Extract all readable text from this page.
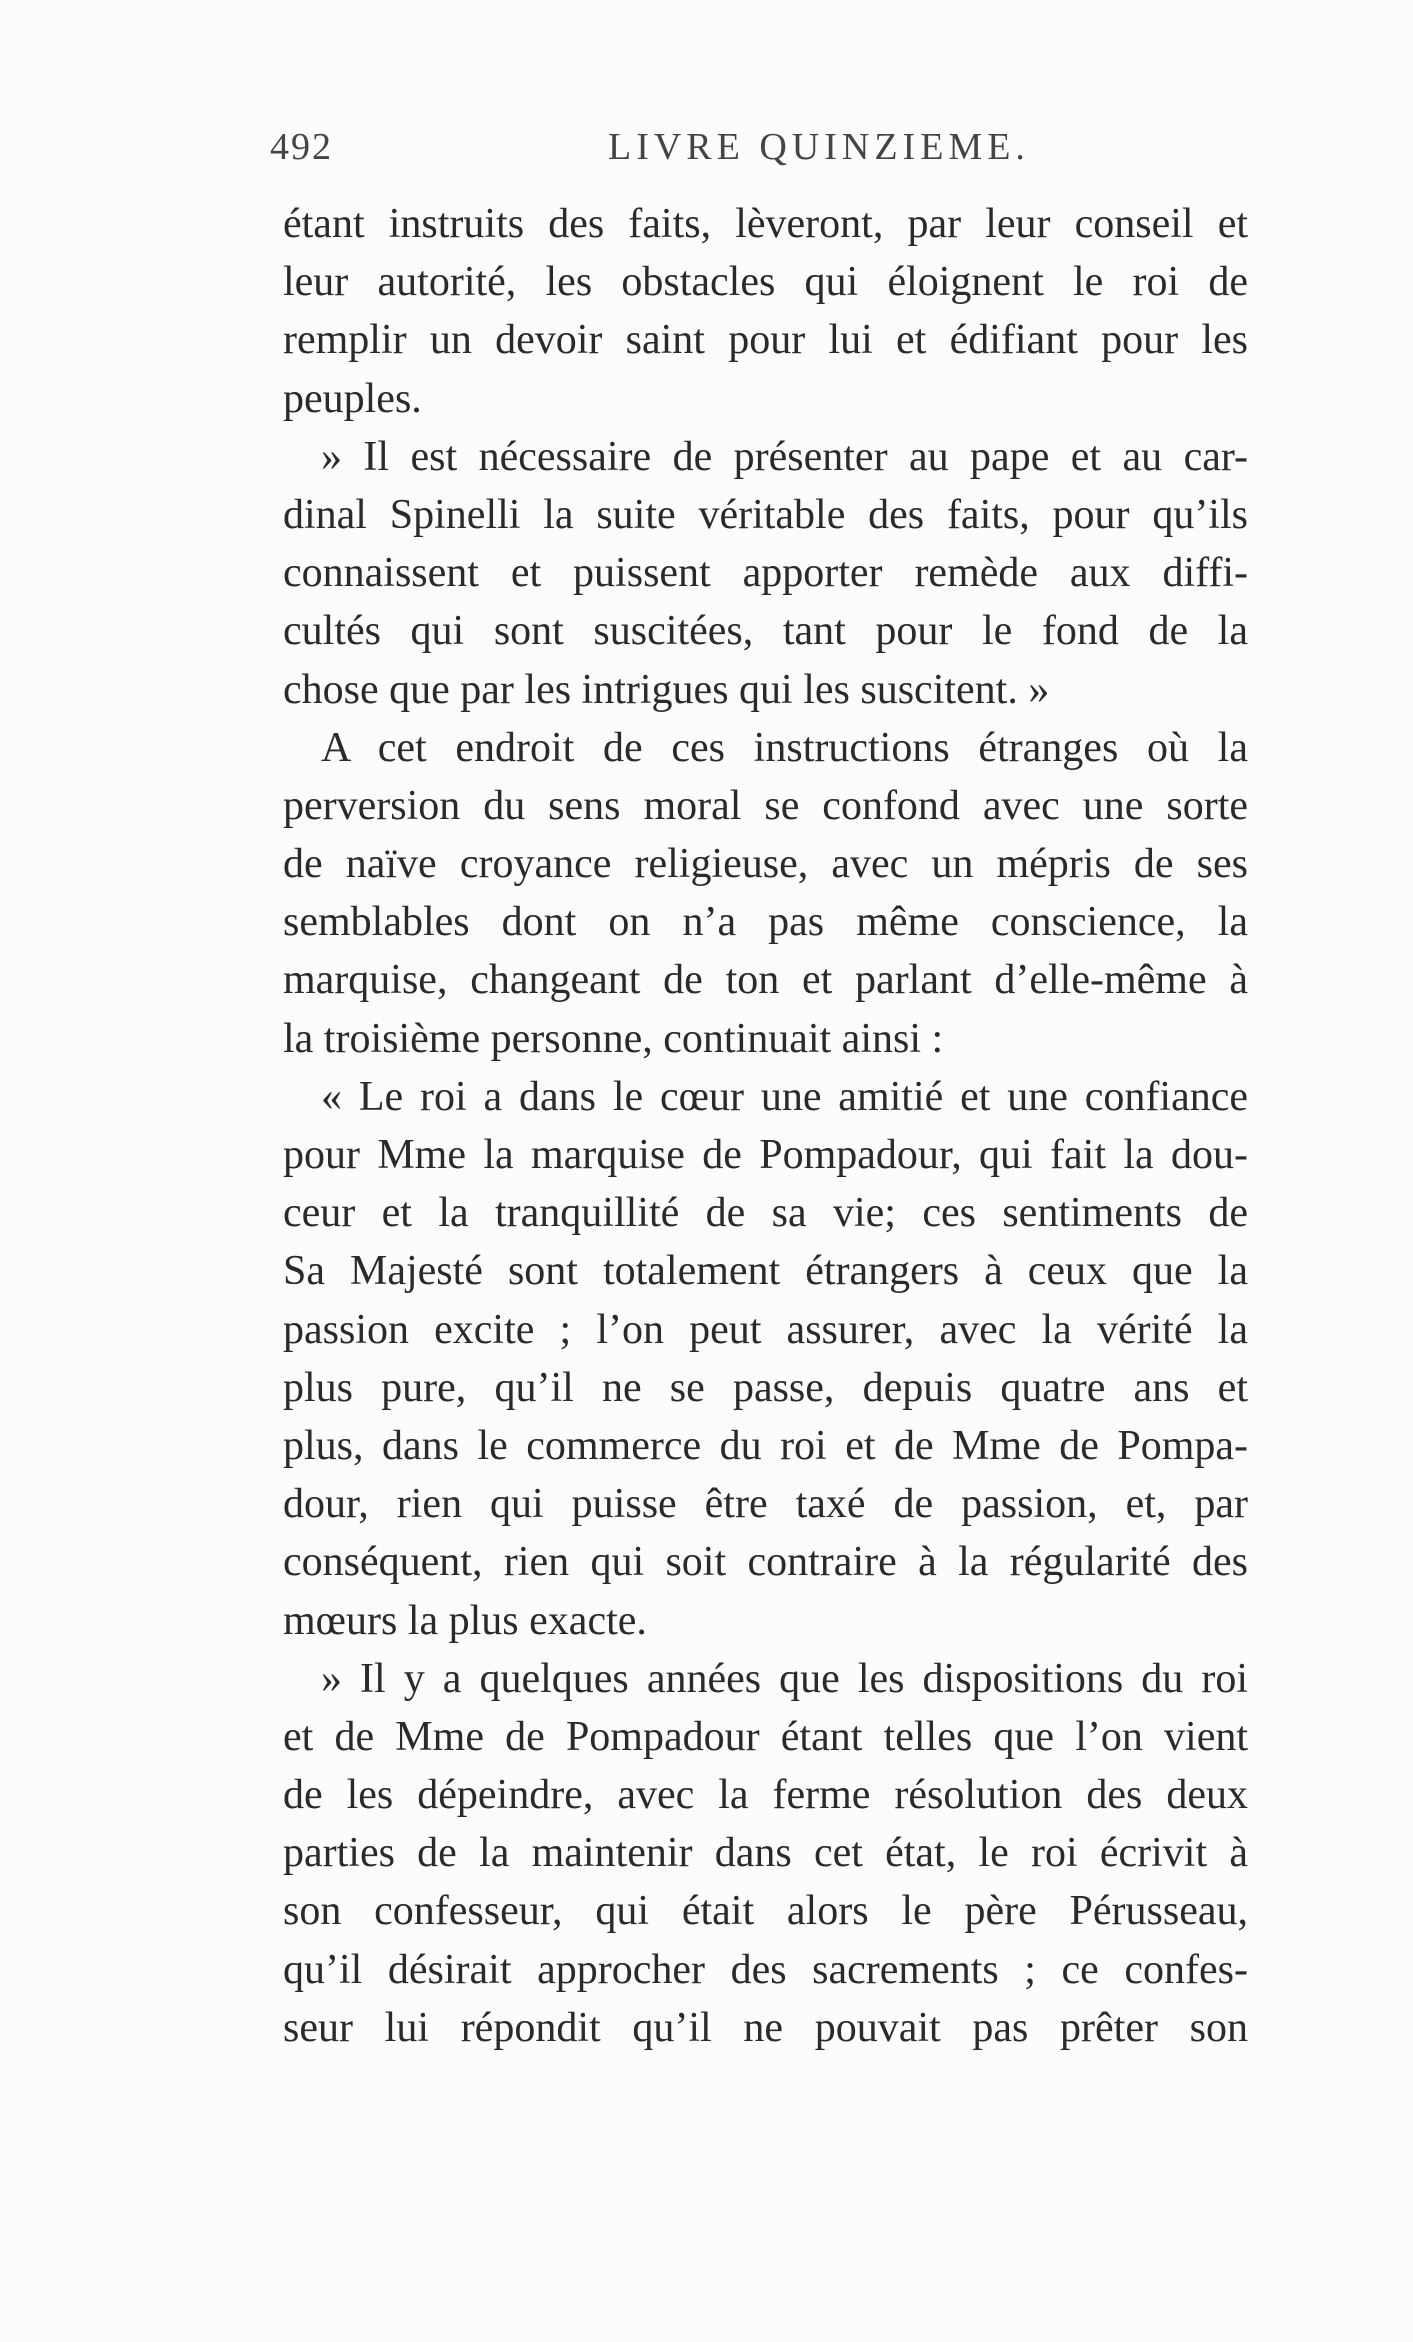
492	LIVRE QUINZIEME.
étant instruits des faits, lèveront, par leur conseil et
leur autorité, les obstacles qui éloignent le roi de
remplir un devoir saint pour lui et édifiant pour les
peuples.
» Il est nécessaire de présenter au pape et au car-
dinal Spinelli la suite véritable des faits, pour qu’ils
connaissent et puissent apporter remède aux diffi-
cultés qui sont suscitées, tant pour le fond de la
chose que par les intrigues qui les suscitent. »
A cet endroit de ces instructions étranges où la
perversion du sens moral se confond avec une sorte
de naïve croyance religieuse, avec un mépris de ses
semblables dont on n’a pas même conscience, la
marquise, changeant de ton et parlant d’elle-même à
la troisième personne, continuait ainsi :
« Le roi a dans le cœur une amitié et une confiance
pour Mme la marquise de Pompadour, qui fait la dou-
ceur et la tranquillité de sa vie; ces sentiments de
Sa Majesté sont totalement étrangers à ceux que la
passion excite ; l’on peut assurer, avec la vérité la
plus pure, qu’il ne se passe, depuis quatre ans et
plus, dans le commerce du roi et de Mme de Pompa-
dour, rien qui puisse être taxé de passion, et, par
conséquent, rien qui soit contraire à la régularité des
mœurs la plus exacte.
» Il y a quelques années que les dispositions du roi
et de Mme de Pompadour étant telles que l’on vient
de les dépeindre, avec la ferme résolution des deux
parties de la maintenir dans cet état, le roi écrivit à
son confesseur, qui était alors le père Pérusseau,
qu’il désirait approcher des sacrements ; ce confes-
seur lui répondit qu’il ne pouvait pas prêter son
